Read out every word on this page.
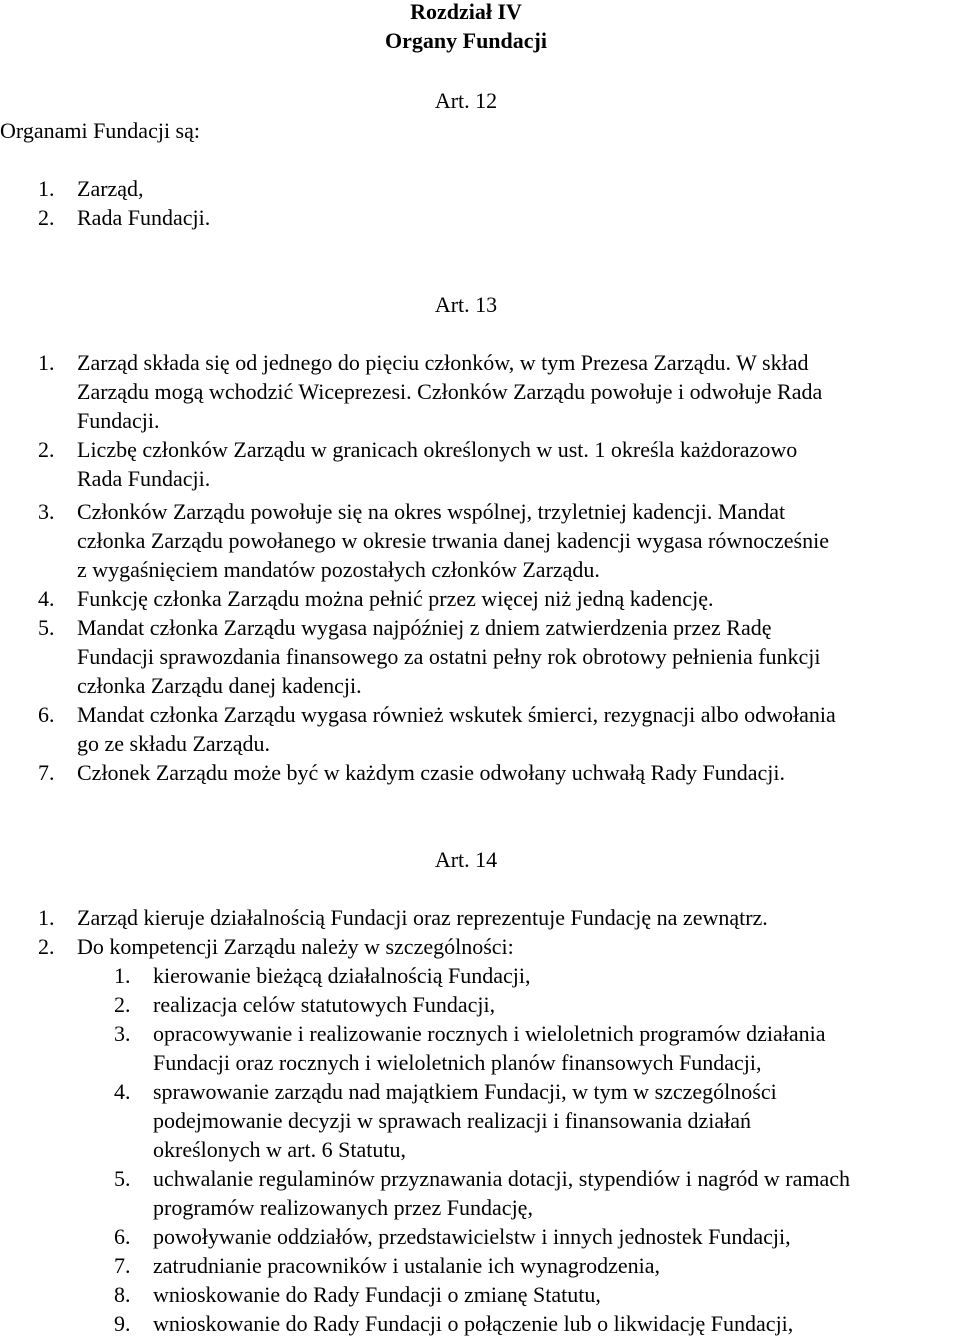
Rozdział IV
Organy Fundacji
Art. 12
Organami Fundacji są:
1. Zarząd,
2. Rada Fundacji.
Art. 13
1. Zarząd składa się od jednego do pięciu członków, w tym Prezesa Zarządu. W skład
Zarządu mogą wchodzić Wiceprezesi. Członków Zarządu powołuje i odwołuje Rada
Fundacji.
2. Liczbę członków Zarządu w granicach określonych w ust. 1 określa każdorazowo
Rada Fundacji.
3. Członków Zarządu powołuje się na okres wspólnej, trzyletniej kadencji. Mandat
członka Zarządu powołanego w okresie trwania danej kadencji wygasa równocześnie
z wygaśnięciem mandatów pozostałych członków Zarządu.
4. Funkcję członka Zarządu można pełnić przez więcej niż jedną kadencję.
5. Mandat członka Zarządu wygasa najpóźniej z dniem zatwierdzenia przez Radę
Fundacji sprawozdania finansowego za ostatni pełny rok obrotowy pełnienia funkcji
członka Zarządu danej kadencji.
6. Mandat członka Zarządu wygasa również wskutek śmierci, rezygnacji albo odwołania
go ze składu Zarządu.
7. Członek Zarządu może być w każdym czasie odwołany uchwałą Rady Fundacji.
Art. 14
1. Zarząd kieruje działalnością Fundacji oraz reprezentuje Fundację na zewnątrz.
2. Do kompetencji Zarządu należy w szczególności:
1. kierowanie bieżącą działalnością Fundacji,
2. realizacja celów statutowych Fundacji,
3. opracowywanie i realizowanie rocznych i wieloletnich programów działania
Fundacji oraz rocznych i wieloletnich planów finansowych Fundacji,
4. sprawowanie zarządu nad majątkiem Fundacji, w tym w szczególności
podejmowanie decyzji w sprawach realizacji i finansowania działań
określonych w art. 6 Statutu,
5. uchwalanie regulaminów przyznawania dotacji, stypendiów i nagród w ramach
programów realizowanych przez Fundację,
6. powoływanie oddziałów, przedstawicielstw i innych jednostek Fundacji,
7. zatrudnianie pracowników i ustalanie ich wynagrodzenia,
8. wnioskowanie do Rady Fundacji o zmianę Statutu,
9. wnioskowanie do Rady Fundacji o połączenie lub o likwidację Fundacji,
